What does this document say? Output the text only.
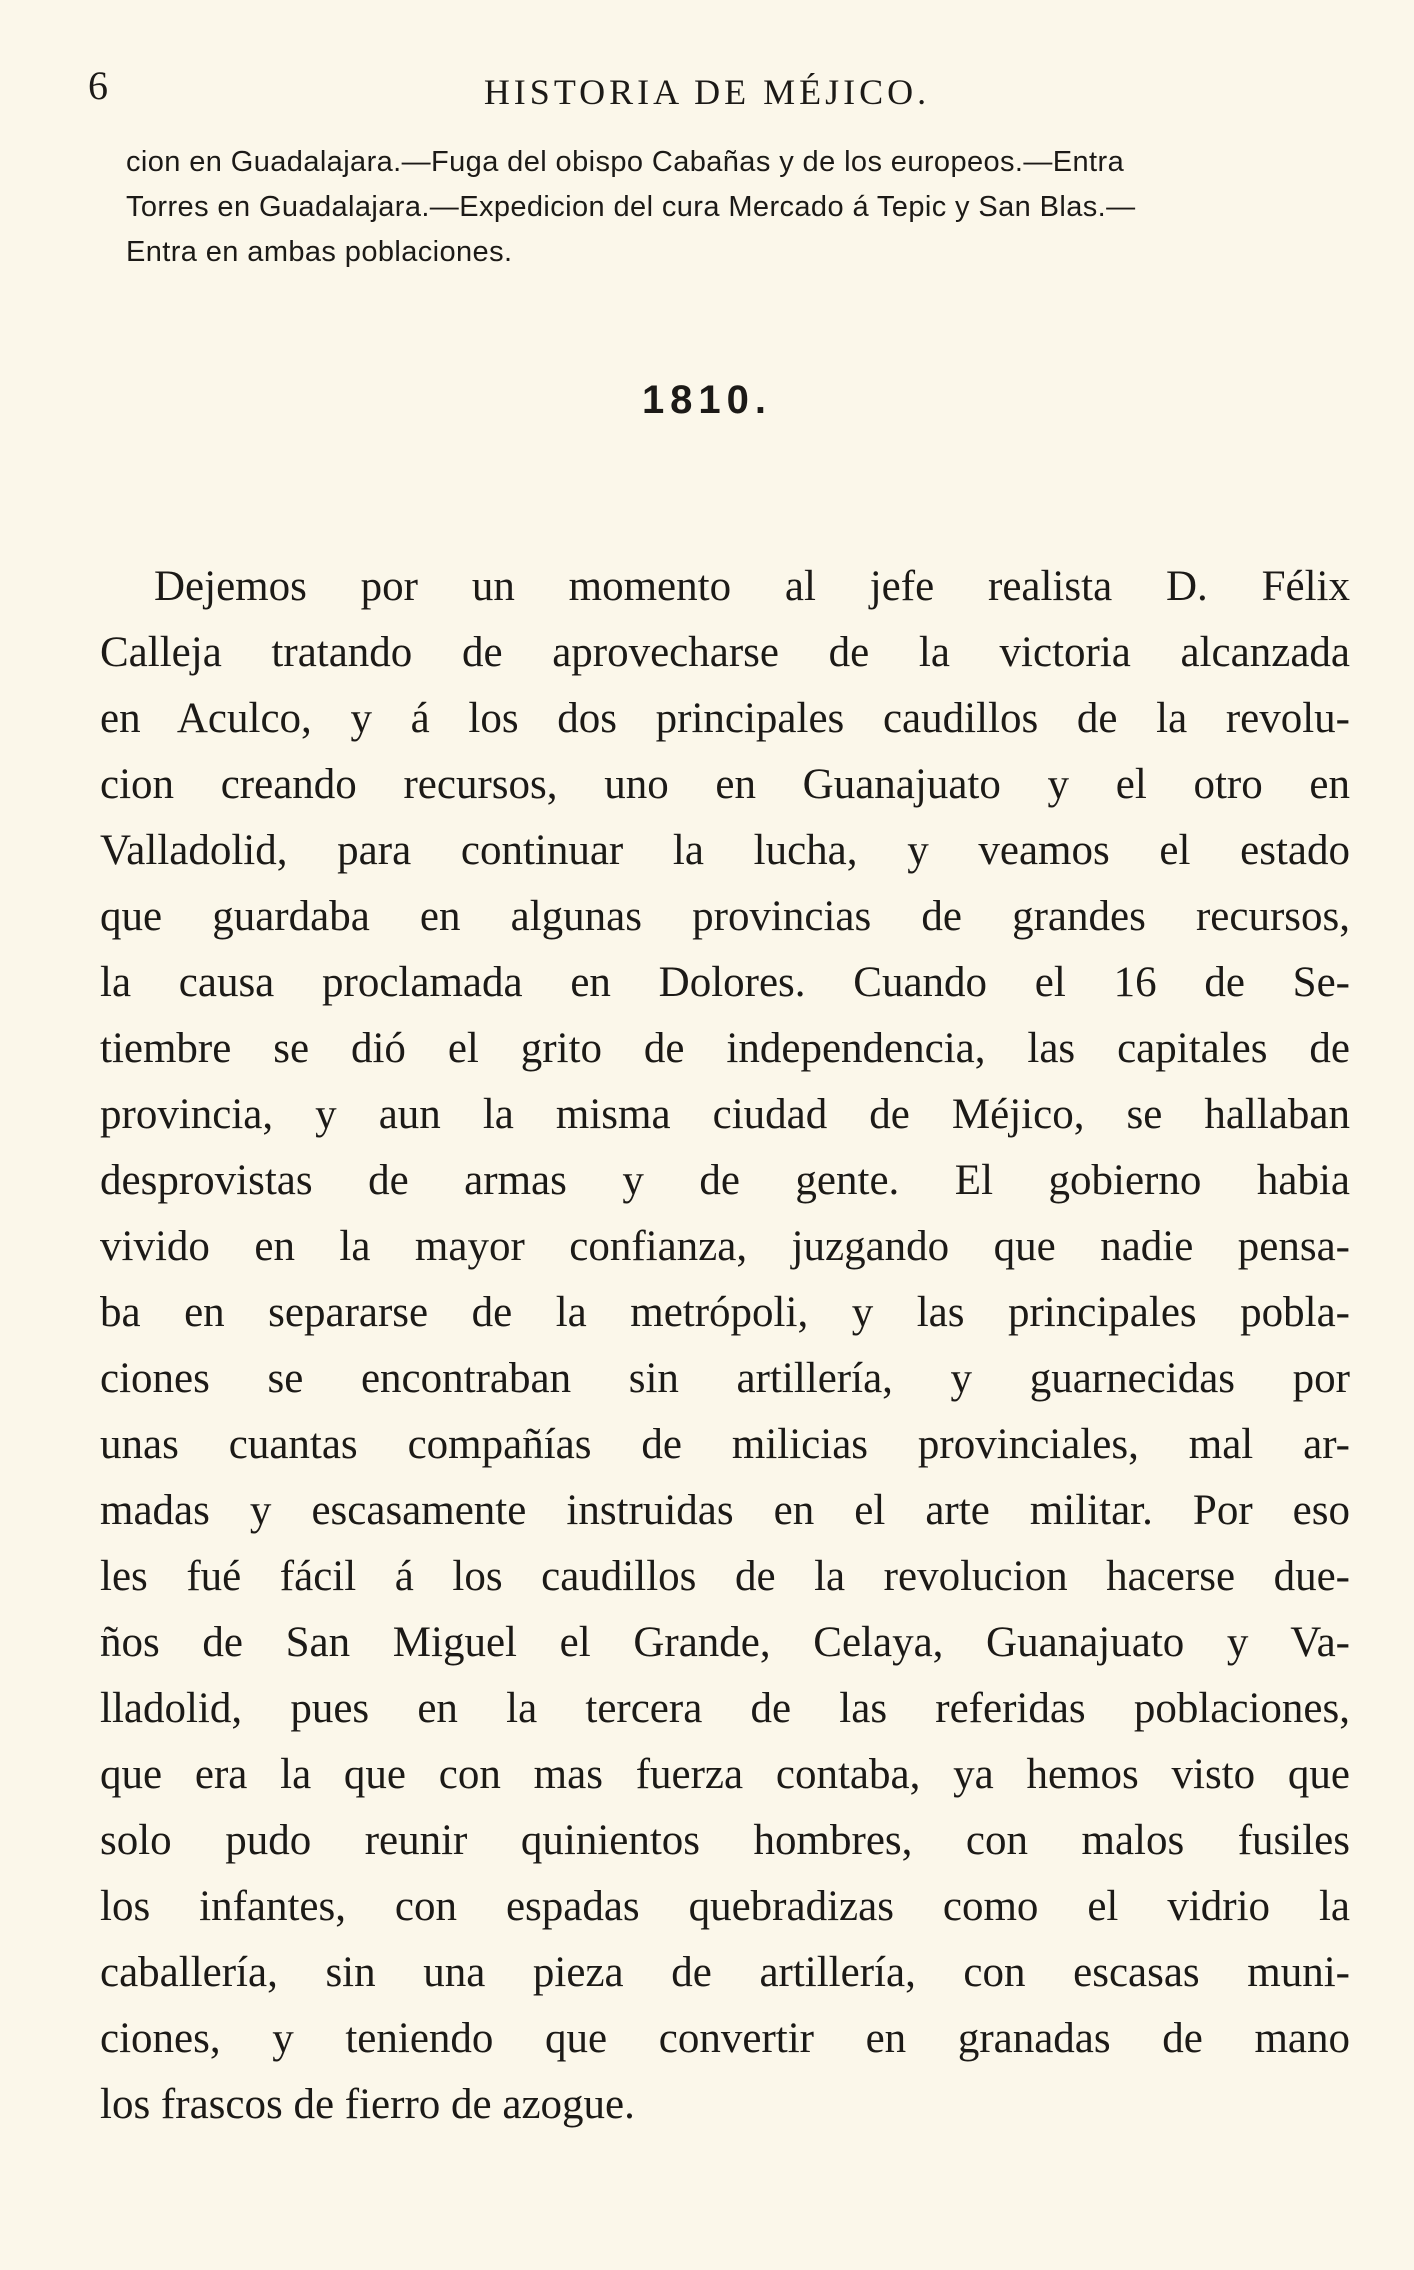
6	HISTORIA DE MÉJICO.
cion en Guadalajara.—Fuga del obispo Cabañas y de los europeos.—Entra
Torres en Guadalajara.—Expedicion del cura Mercado á Tepic y San Blas.—
Entra en ambas poblaciones.
1810.
Dejemos por un momento al jefe realista D. Félix
Calleja tratando de aprovecharse de la victoria alcanzada
en Aculco, y á los dos principales caudillos de la revolu-
cion creando recursos, uno en Guanajuato y el otro en
Valladolid, para continuar la lucha, y veamos el estado
que guardaba en algunas provincias de grandes recursos,
la causa proclamada en Dolores. Cuando el 16 de Se-
tiembre se dió el grito de independencia, las capitales de
provincia, y aun la misma ciudad de Méjico, se hallaban
desprovistas de armas y de gente. El gobierno habia
vivido en la mayor confianza, juzgando que nadie pensa-
ba en separarse de la metrópoli, y las principales pobla-
ciones se encontraban sin artillería, y guarnecidas por
unas cuantas compañías de milicias provinciales, mal ar-
madas y escasamente instruidas en el arte militar. Por eso
les fué fácil á los caudillos de la revolucion hacerse due-
ños de San Miguel el Grande, Celaya, Guanajuato y Va-
lladolid, pues en la tercera de las referidas poblaciones,
que era la que con mas fuerza contaba, ya hemos visto que
solo pudo reunir quinientos hombres, con malos fusiles
los infantes, con espadas quebradizas como el vidrio la
caballería, sin una pieza de artillería, con escasas muni-
ciones, y teniendo que convertir en granadas de mano
los frascos de fierro de azogue.
